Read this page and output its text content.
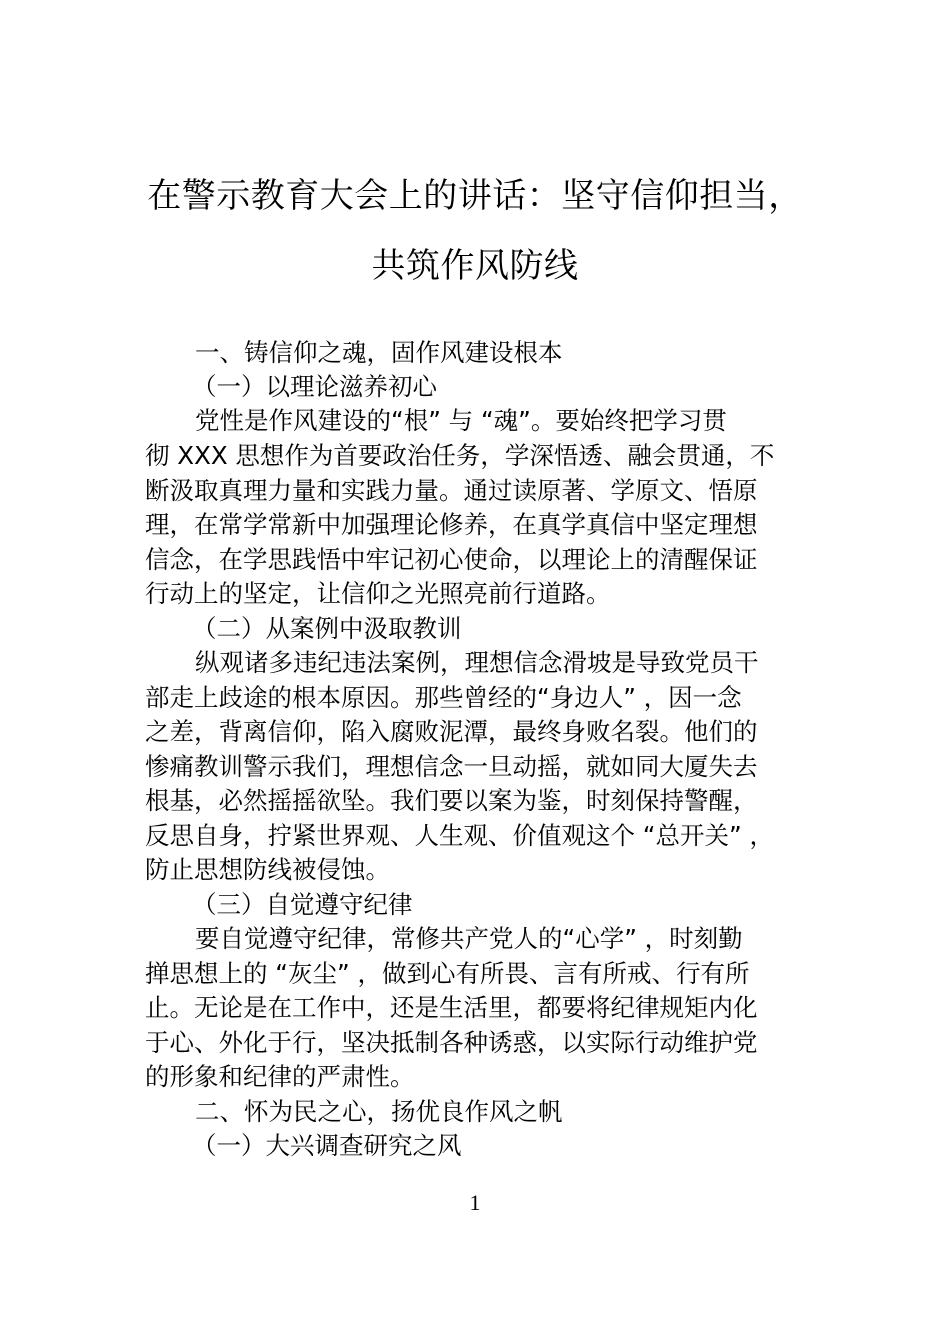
在警示教育大会上的讲话：坚守信仰担当，
共筑作风防线
一、铸信仰之魂，固作风建设根本
（一）以理论滋养初心
党性是作风建设的“根” 与 “魂”。要始终把学习贯
彻 XXX 思想作为首要政治任务，学深悟透、融会贯通，不
断汲取真理力量和实践力量。通过读原著、学原文、悟原
理，在常学常新中加强理论修养，在真学真信中坚定理想
信念，在学思践悟中牢记初心使命，以理论上的清醒保证
行动上的坚定，让信仰之光照亮前行道路。
（二）从案例中汲取教训
纵观诸多违纪违法案例，理想信念滑坡是导致党员干
部走上歧途的根本原因。那些曾经的“身边人” ，因一念
之差，背离信仰，陷入腐败泥潭，最终身败名裂。他们的
惨痛教训警示我们，理想信念一旦动摇，就如同大厦失去
根基，必然摇摇欲坠。我们要以案为鉴，时刻保持警醒，
反思自身，拧紧世界观、人生观、价值观这个 “总开关” ，
防止思想防线被侵蚀。
（三）自觉遵守纪律
要自觉遵守纪律，常修共产党人的“心学” ，时刻勤
掸思想上的 “灰尘” ，做到心有所畏、言有所戒、行有所
止。无论是在工作中，还是生活里，都要将纪律规矩内化
于心、外化于行，坚决抵制各种诱惑，以实际行动维护党
的形象和纪律的严肃性。
二、怀为民之心，扬优良作风之帆
（一）大兴调查研究之风
1
